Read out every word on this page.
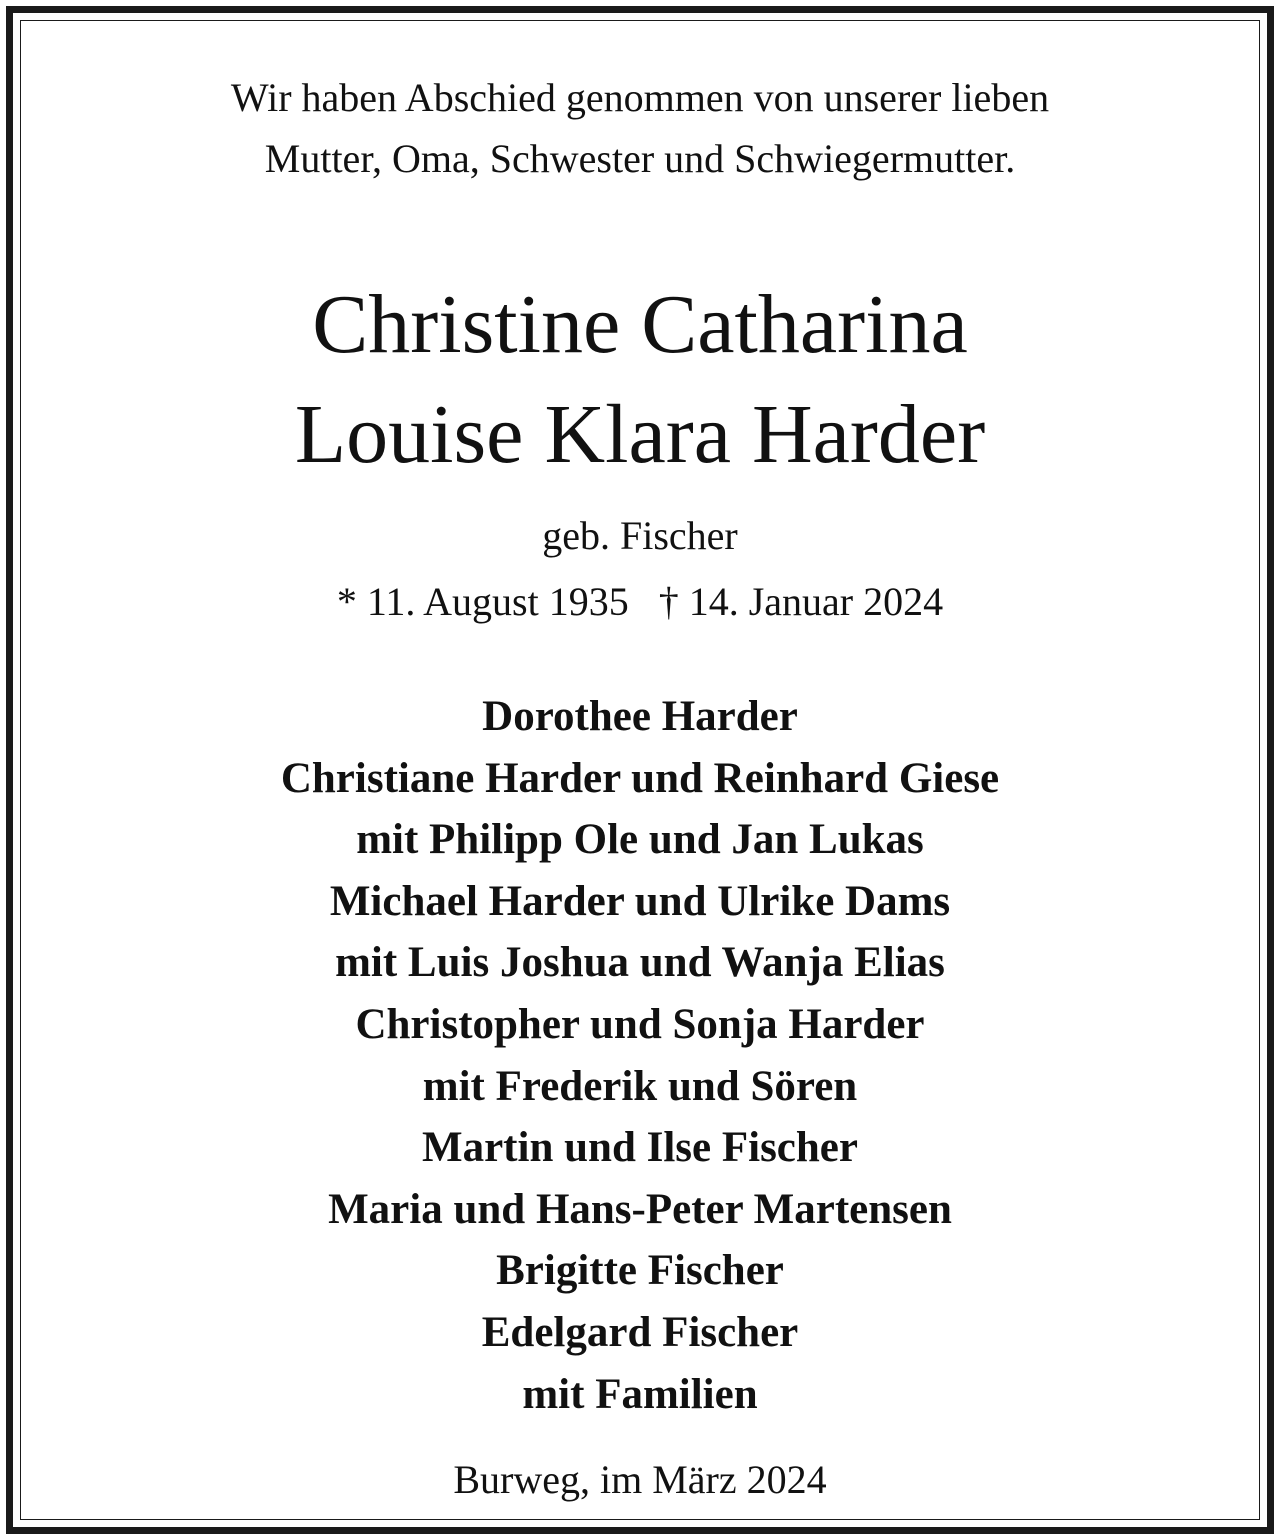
Wir haben Abschied genommen von unserer lieben
Mutter, Oma, Schwester und Schwiegermutter.
Christine Catharina
Louise Klara Harder
geb. Fischer
* 11. August 1935   † 14. Januar 2024
Dorothee Harder
Christiane Harder und Reinhard Giese
mit Philipp Ole und Jan Lukas
Michael Harder und Ulrike Dams
mit Luis Joshua und Wanja Elias
Christopher und Sonja Harder
mit Frederik und Sören
Martin und Ilse Fischer
Maria und Hans-Peter Martensen
Brigitte Fischer
Edelgard Fischer
mit Familien
Burweg, im März 2024
